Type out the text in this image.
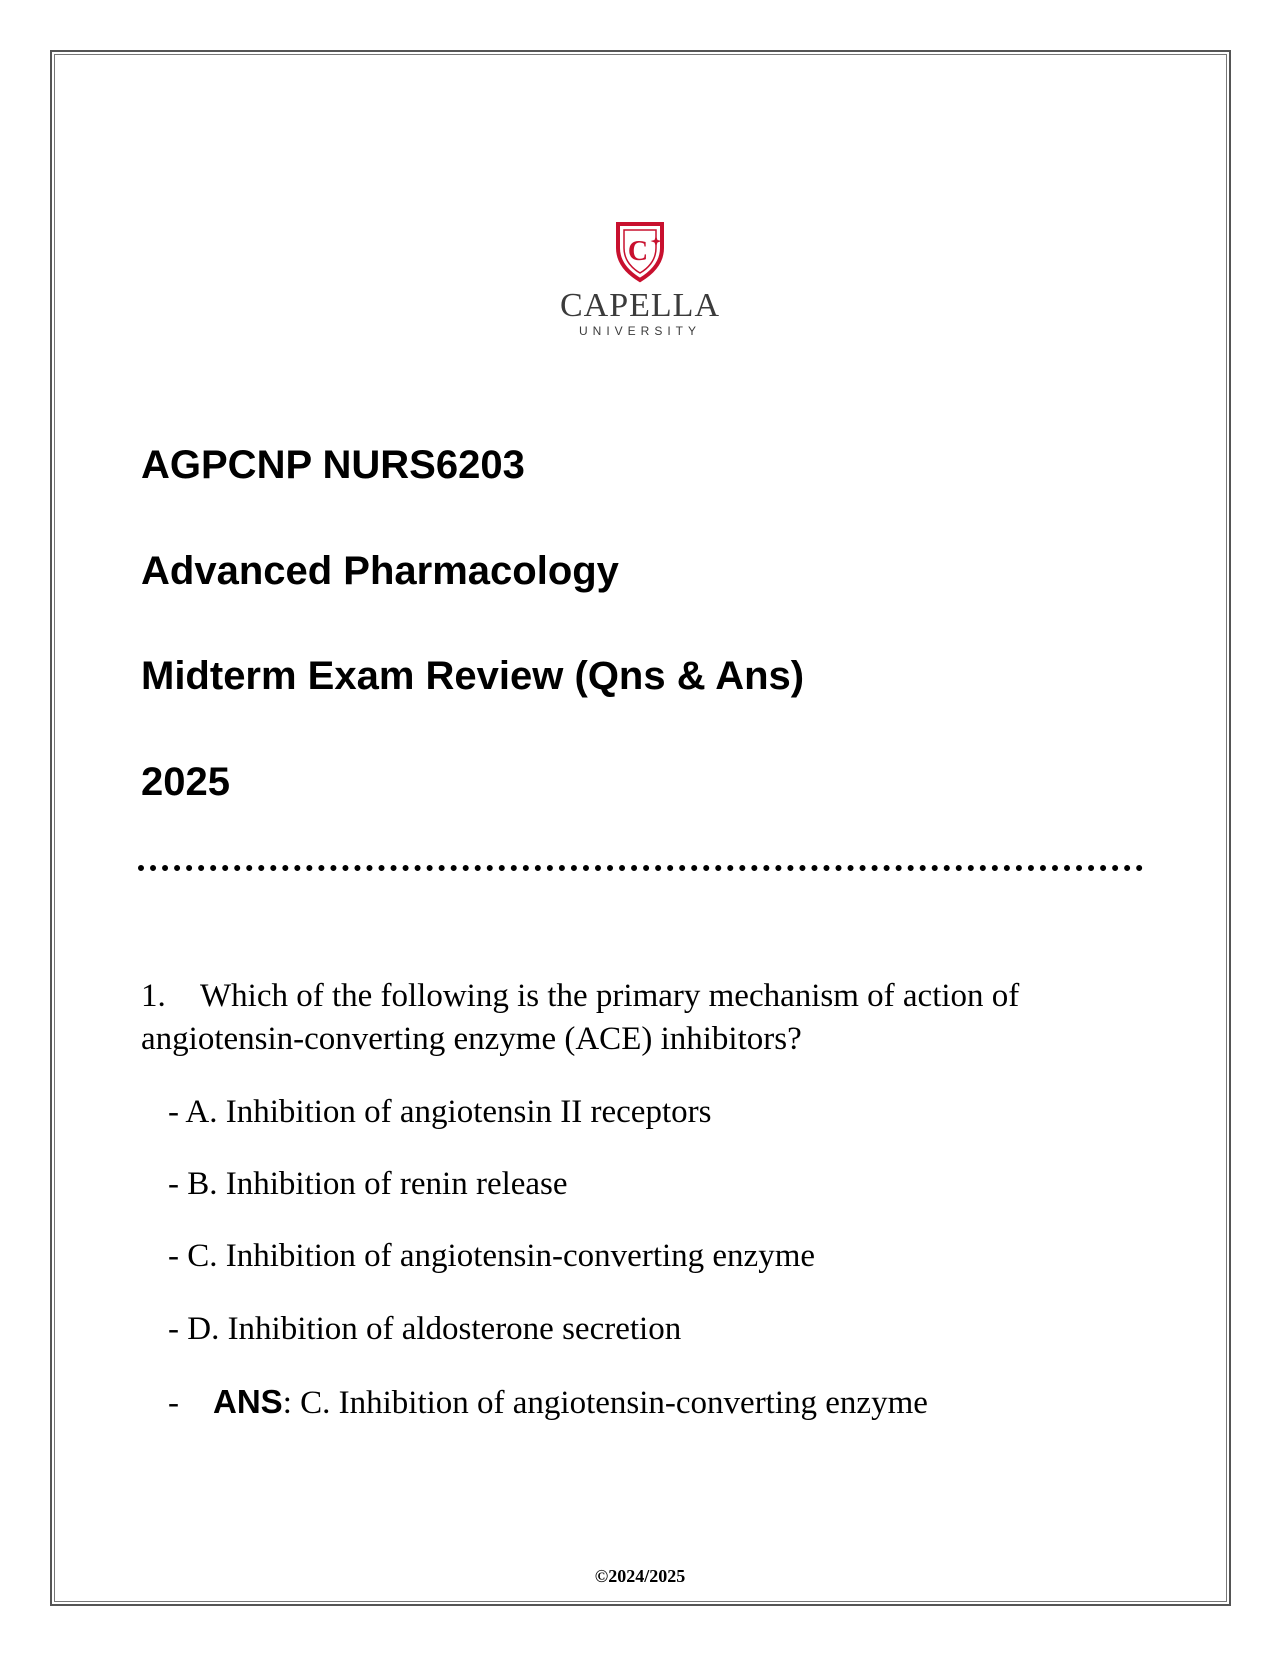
C
CAPELLA
UNIVERSITY
AGPCNP NURS6203
Advanced Pharmacology
Midterm Exam Review (Qns & Ans)
2025

1. Which of the following is the primary mechanism of action of angiotensin-converting enzyme (ACE) inhibitors?

- A. Inhibition of angiotensin II receptors
- B. Inhibition of renin release
- C. Inhibition of angiotensin-converting enzyme
- D. Inhibition of aldosterone secretion
- ANS: C. Inhibition of angiotensin-converting enzyme
©2024/2025
